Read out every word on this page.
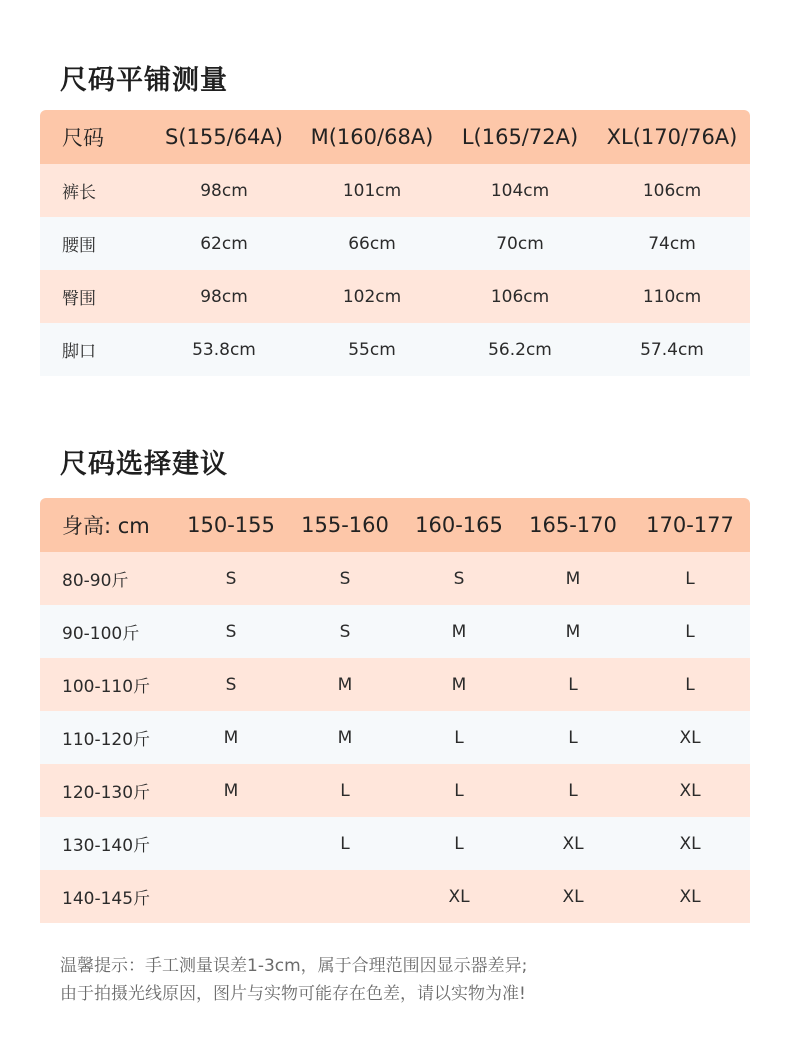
尺码平铺测量
尺码	S(155/64A)	M(160/68A)	L(165/72A)	XL(170/76A)
裤长	98cm	101cm	104cm	106cm
腰围	62cm	66cm	70cm	74cm
臀围	98cm	102cm	106cm	110cm
脚口	53.8cm	55cm	56.2cm	57.4cm
尺码选择建议
身高: cm	150-155	155-160	160-165	165-170	170-177
80-90斤	S	S	S	M	L
90-100斤	S	S	M	M	L
100-110斤	S	M	M	L	L
110-120斤	M	M	L	L	XL
120-130斤	M	L	L	L	XL
130-140斤		L	L	XL	XL
140-145斤			XL	XL	XL
温馨提示：手工测量误差1-3cm，属于合理范围因显示器差异;
由于拍摄光线原因，图片与实物可能存在色差，请以实物为准!
